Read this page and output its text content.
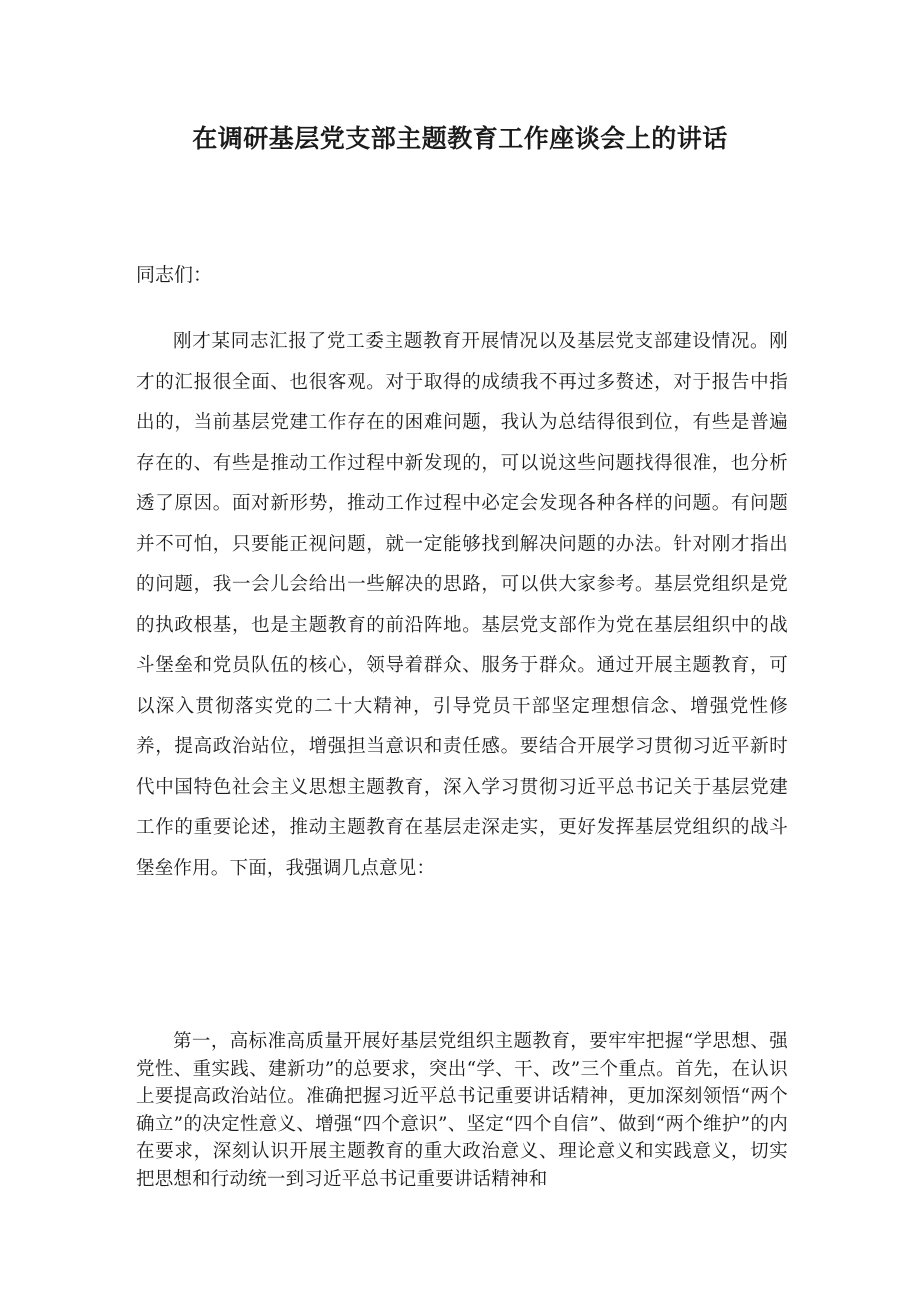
在调研基层党支部主题教育工作座谈会上的讲话

同志们：

刚才某同志汇报了党工委主题教育开展情况以及基层党支部建设情况。刚才的汇报很全面、也很客观。对于取得的成绩我不再过多赘述，对于报告中指出的，当前基层党建工作存在的困难问题，我认为总结得很到位，有些是普遍存在的、有些是推动工作过程中新发现的，可以说这些问题找得很准，也分析透了原因。面对新形势，推动工作过程中必定会发现各种各样的问题。有问题并不可怕，只要能正视问题，就一定能够找到解决问题的办法。针对刚才指出的问题，我一会儿会给出一些解决的思路，可以供大家参考。基层党组织是党的执政根基，也是主题教育的前沿阵地。基层党支部作为党在基层组织中的战斗堡垒和党员队伍的核心，领导着群众、服务于群众。通过开展主题教育，可以深入贯彻落实党的二十大精神，引导党员干部坚定理想信念、增强党性修养，提高政治站位，增强担当意识和责任感。要结合开展学习贯彻习近平新时代中国特色社会主义思想主题教育，深入学习贯彻习近平总书记关于基层党建工作的重要论述，推动主题教育在基层走深走实，更好发挥基层党组织的战斗堡垒作用。下面，我强调几点意见：

第一，高标准高质量开展好基层党组织主题教育，要牢牢把握“学思想、强党性、重实践、建新功”的总要求，突出“学、干、改”三个重点。首先，在认识上要提高政治站位。准确把握习近平总书记重要讲话精神，更加深刻领悟“两个确立”的决定性意义、增强“四个意识”、坚定“四个自信”、做到“两个维护”的内在要求，深刻认识开展主题教育的重大政治意义、理论意义和实践意义，切实把思想和行动统一到习近平总书记重要讲话精神和
